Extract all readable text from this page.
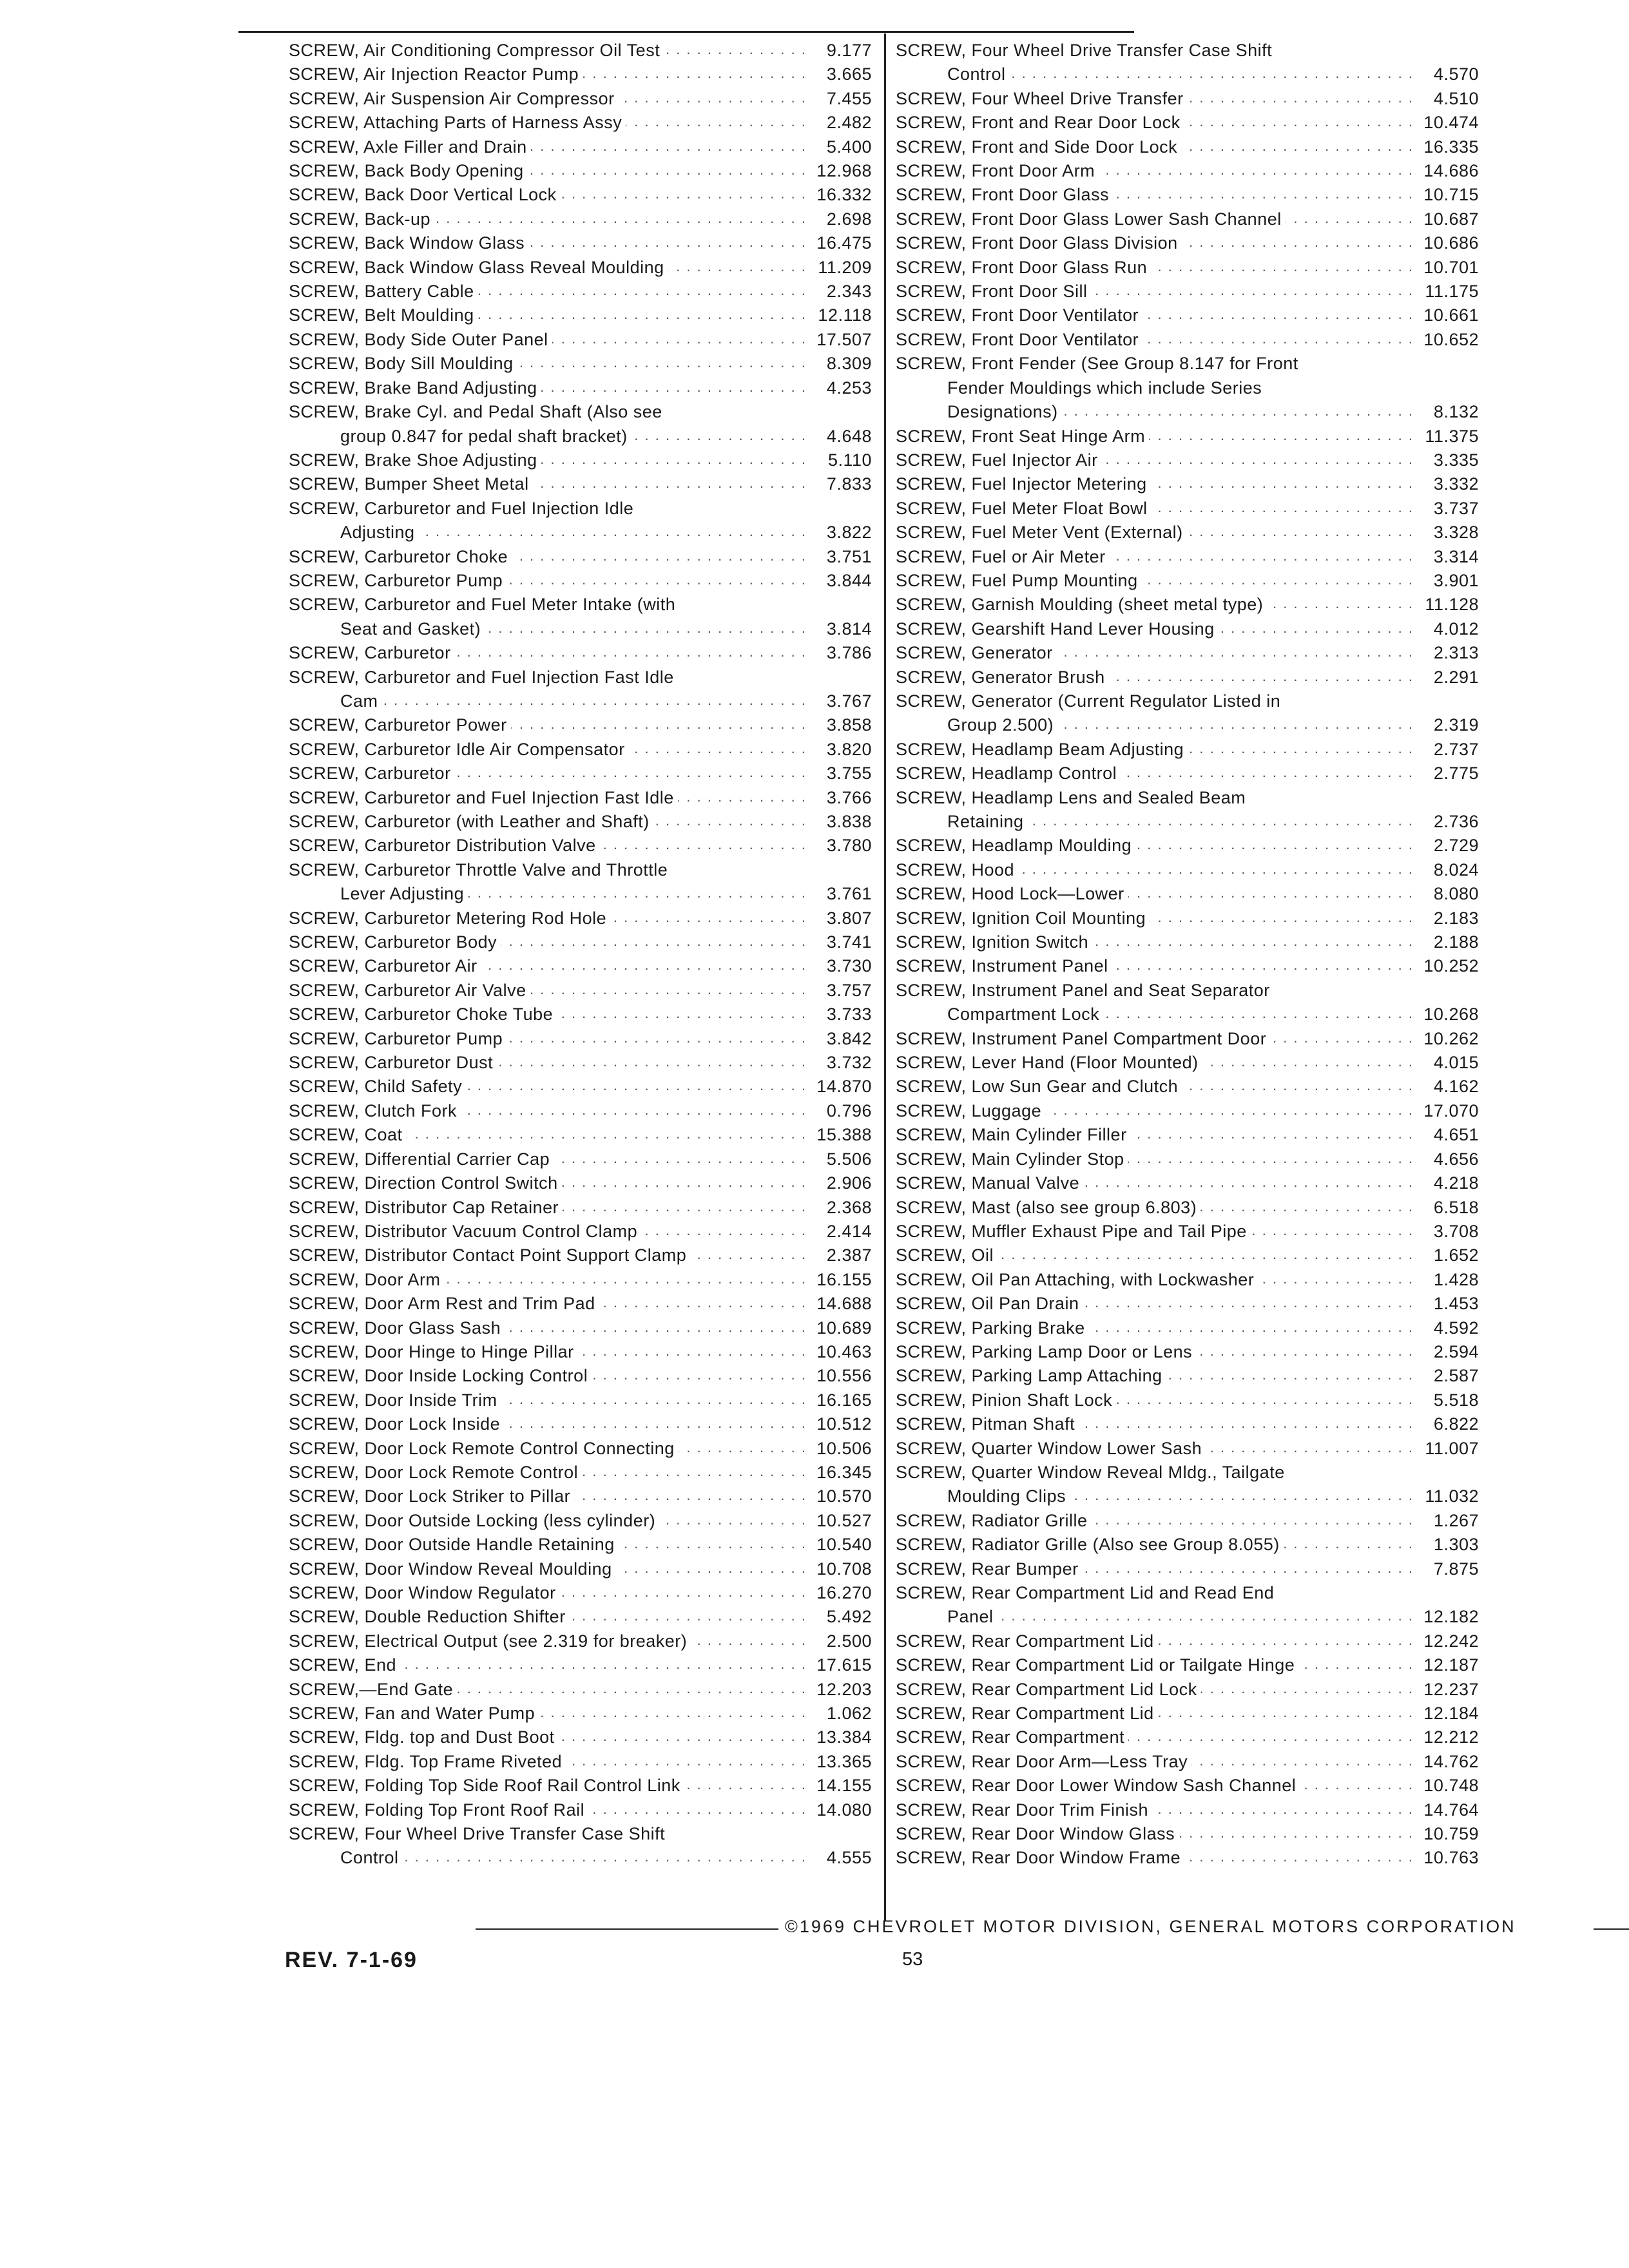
SCREW, Air Conditioning Compressor Oil Test . . .	9.177
SCREW, Air Injection Reactor Pump . . .	3.665
SCREW, Air Suspension Air Compressor . . .	7.455
SCREW, Attaching Parts of Harness Assy . . .	2.482
SCREW, Axle Filler and Drain . . .	5.400
SCREW, Back Body Opening . . .	12.968
SCREW, Back Door Vertical Lock . . .	16.332
SCREW, Back-up . . .	2.698
SCREW, Back Window Glass . . .	16.475
SCREW, Back Window Glass Reveal Moulding . . .	11.209
SCREW, Battery Cable . . .	2.343
SCREW, Belt Moulding . . .	12.118
SCREW, Body Side Outer Panel . . .	17.507
SCREW, Body Sill Moulding . . .	8.309
SCREW, Brake Band Adjusting . . .	4.253
SCREW, Brake Cyl. and Pedal Shaft (Also see
group 0.847 for pedal shaft bracket) . . .	4.648
SCREW, Brake Shoe Adjusting . . .	5.110
SCREW, Bumper Sheet Metal . . .	7.833
SCREW, Carburetor and Fuel Injection Idle
Adjusting . . .	3.822
SCREW, Carburetor Choke . . .	3.751
SCREW, Carburetor Pump . . .	3.844
SCREW, Carburetor and Fuel Meter Intake (with
Seat and Gasket) . . .	3.814
SCREW, Carburetor . . .	3.786
SCREW, Carburetor and Fuel Injection Fast Idle
Cam . . .	3.767
SCREW, Carburetor Power . . .	3.858
SCREW, Carburetor Idle Air Compensator . . .	3.820
SCREW, Carburetor . . .	3.755
SCREW, Carburetor and Fuel Injection Fast Idle . . .	3.766
SCREW, Carburetor (with Leather and Shaft) . . .	3.838
SCREW, Carburetor Distribution Valve . . .	3.780
SCREW, Carburetor Throttle Valve and Throttle
Lever Adjusting . . .	3.761
SCREW, Carburetor Metering Rod Hole . . .	3.807
SCREW, Carburetor Body . . .	3.741
SCREW, Carburetor Air . . .	3.730
SCREW, Carburetor Air Valve . . .	3.757
SCREW, Carburetor Choke Tube . . .	3.733
SCREW, Carburetor Pump . . .	3.842
SCREW, Carburetor Dust . . .	3.732
SCREW, Child Safety . . .	14.870
SCREW, Clutch Fork . . .	0.796
SCREW, Coat . . .	15.388
SCREW, Differential Carrier Cap . . .	5.506
SCREW, Direction Control Switch . . .	2.906
SCREW, Distributor Cap Retainer . . .	2.368
SCREW, Distributor Vacuum Control Clamp . . .	2.414
SCREW, Distributor Contact Point Support Clamp . . .	2.387
SCREW, Door Arm . . .	16.155
SCREW, Door Arm Rest and Trim Pad . . .	14.688
SCREW, Door Glass Sash . . .	10.689
SCREW, Door Hinge to Hinge Pillar . . .	10.463
SCREW, Door Inside Locking Control . . .	10.556
SCREW, Door Inside Trim . . .	16.165
SCREW, Door Lock Inside . . .	10.512
SCREW, Door Lock Remote Control Connecting . . .	10.506
SCREW, Door Lock Remote Control . . .	16.345
SCREW, Door Lock Striker to Pillar . . .	10.570
SCREW, Door Outside Locking (less cylinder) . . .	10.527
SCREW, Door Outside Handle Retaining . . .	10.540
SCREW, Door Window Reveal Moulding . . .	10.708
SCREW, Door Window Regulator . . .	16.270
SCREW, Double Reduction Shifter . . .	5.492
SCREW, Electrical Output (see 2.319 for breaker) . . .	2.500
SCREW, End . . .	17.615
SCREW,—End Gate . . .	12.203
SCREW, Fan and Water Pump . . .	1.062
SCREW, Fldg. top and Dust Boot . . .	13.384
SCREW, Fldg. Top Frame Riveted . . .	13.365
SCREW, Folding Top Side Roof Rail Control Link . . .	14.155
SCREW, Folding Top Front Roof Rail . . .	14.080
SCREW, Four Wheel Drive Transfer Case Shift
Control . . .	4.555
SCREW, Four Wheel Drive Transfer Case Shift
Control . . .	4.570
SCREW, Four Wheel Drive Transfer . . .	4.510
SCREW, Front and Rear Door Lock . . .	10.474
SCREW, Front and Side Door Lock . . .	16.335
SCREW, Front Door Arm . . .	14.686
SCREW, Front Door Glass . . .	10.715
SCREW, Front Door Glass Lower Sash Channel . . .	10.687
SCREW, Front Door Glass Division . . .	10.686
SCREW, Front Door Glass Run . . .	10.701
SCREW, Front Door Sill . . .	11.175
SCREW, Front Door Ventilator . . .	10.661
SCREW, Front Door Ventilator . . .	10.652
SCREW, Front Fender (See Group 8.147 for Front
Fender Mouldings which include Series
Designations) . . .	8.132
SCREW, Front Seat Hinge Arm . . .	11.375
SCREW, Fuel Injector Air . . .	3.335
SCREW, Fuel Injector Metering . . .	3.332
SCREW, Fuel Meter Float Bowl . . .	3.737
SCREW, Fuel Meter Vent (External) . . .	3.328
SCREW, Fuel or Air Meter . . .	3.314
SCREW, Fuel Pump Mounting . . .	3.901
SCREW, Garnish Moulding (sheet metal type) . . .	11.128
SCREW, Gearshift Hand Lever Housing . . .	4.012
SCREW, Generator . . .	2.313
SCREW, Generator Brush . . .	2.291
SCREW, Generator (Current Regulator Listed in
Group 2.500) . . .	2.319
SCREW, Headlamp Beam Adjusting . . .	2.737
SCREW, Headlamp Control . . .	2.775
SCREW, Headlamp Lens and Sealed Beam
Retaining . . .	2.736
SCREW, Headlamp Moulding . . .	2.729
SCREW, Hood . . .	8.024
SCREW, Hood Lock—Lower . . .	8.080
SCREW, Ignition Coil Mounting . . .	2.183
SCREW, Ignition Switch . . .	2.188
SCREW, Instrument Panel . . .	10.252
SCREW, Instrument Panel and Seat Separator
Compartment Lock . . .	10.268
SCREW, Instrument Panel Compartment Door . . .	10.262
SCREW, Lever Hand (Floor Mounted) . . .	4.015
SCREW, Low Sun Gear and Clutch . . .	4.162
SCREW, Luggage . . .	17.070
SCREW, Main Cylinder Filler . . .	4.651
SCREW, Main Cylinder Stop . . .	4.656
SCREW, Manual Valve . . .	4.218
SCREW, Mast (also see group 6.803) . . .	6.518
SCREW, Muffler Exhaust Pipe and Tail Pipe . . .	3.708
SCREW, Oil . . .	1.652
SCREW, Oil Pan Attaching, with Lockwasher . . .	1.428
SCREW, Oil Pan Drain . . .	1.453
SCREW, Parking Brake . . .	4.592
SCREW, Parking Lamp Door or Lens . . .	2.594
SCREW, Parking Lamp Attaching . . .	2.587
SCREW, Pinion Shaft Lock . . .	5.518
SCREW, Pitman Shaft . . .	6.822
SCREW, Quarter Window Lower Sash . . .	11.007
SCREW, Quarter Window Reveal Mldg., Tailgate
Moulding Clips . . .	11.032
SCREW, Radiator Grille . . .	1.267
SCREW, Radiator Grille (Also see Group 8.055) . . .	1.303
SCREW, Rear Bumper . . .	7.875
SCREW, Rear Compartment Lid and Read End
Panel . . .	12.182
SCREW, Rear Compartment Lid . . .	12.242
SCREW, Rear Compartment Lid or Tailgate Hinge . . .	12.187
SCREW, Rear Compartment Lid Lock . . .	12.237
SCREW, Rear Compartment Lid . . .	12.184
SCREW, Rear Compartment . . .	12.212
SCREW, Rear Door Arm—Less Tray . . .	14.762
SCREW, Rear Door Lower Window Sash Channel . . .	10.748
SCREW, Rear Door Trim Finish . . .	14.764
SCREW, Rear Door Window Glass . . .	10.759
SCREW, Rear Door Window Frame . . .	10.763
©1969 CHEVROLET MOTOR DIVISION, GENERAL MOTORS CORPORATION
REV. 7-1-69	53
